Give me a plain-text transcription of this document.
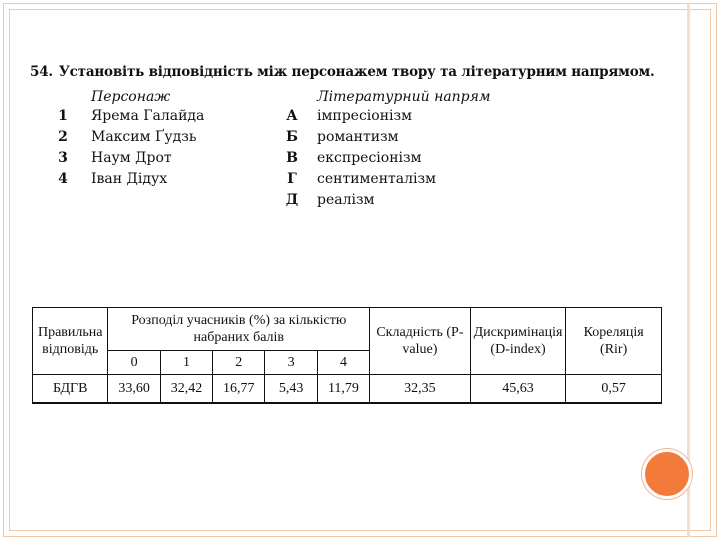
54. Установіть відповідність між персонажем твору та літературним напрямом.
Персонаж	Літературний напрям
1	Ярема Галайда
2	Максим Ґудзь
3	Наум Дрот
4	Іван Дідух
А	імпресіонізм
Б романтизм
В експресіонізм
Г	сентименталізм
Д реалізм
Правильна відповідь	Розподіл учасників (%) за кількістю набраних балів					Складність (P-value)	Дискримінація (D-index)	Кореляція (Rir)
	0	1	2	3	4			
БДГВ	33,60	32,42	16,77	5,43	11,79	32,35	45,63	0,57
